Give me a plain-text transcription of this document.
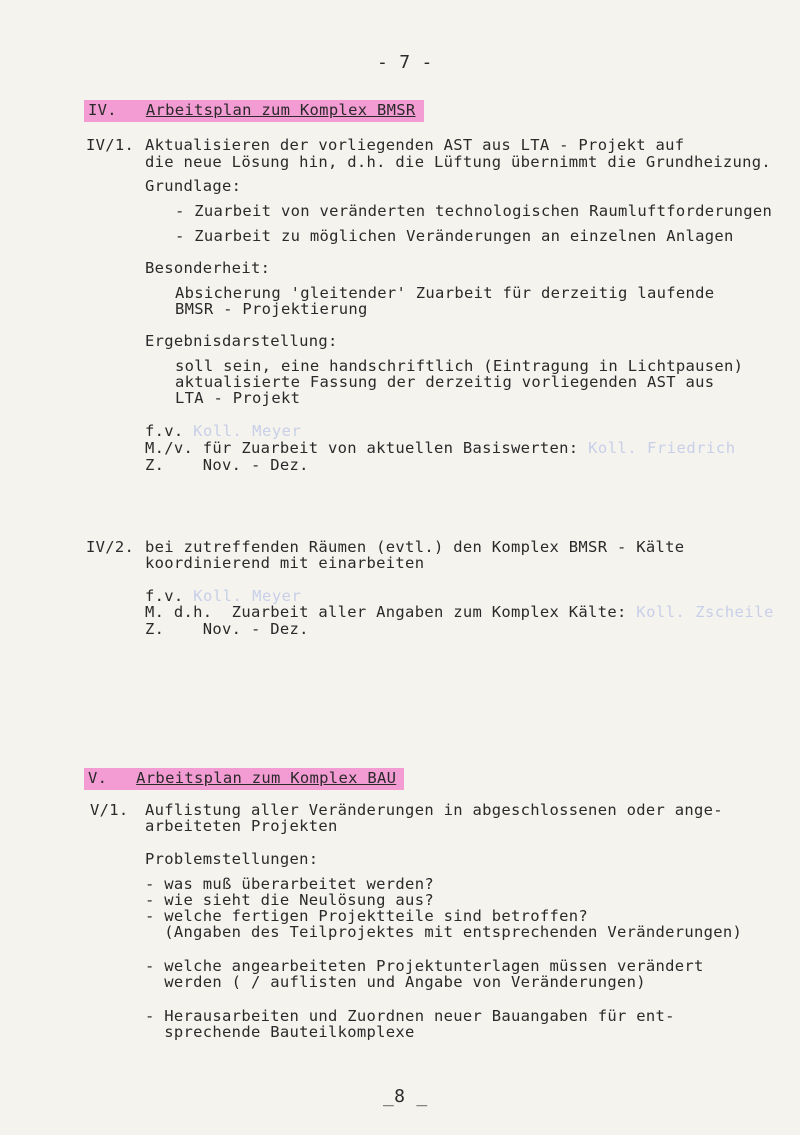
- 7 -
IV. Arbeitsplan zum Komplex BMSR
IV/1. Aktualisieren der vorliegenden AST aus LTA - Projekt auf
die neue Lösung hin, d.h. die Lüftung übernimmt die Grundheizung.
Grundlage:
- Zuarbeit von veränderten technologischen Raumluftforderungen
- Zuarbeit zu möglichen Veränderungen an einzelnen Anlagen
Besonderheit:
Absicherung 'gleitender' Zuarbeit für derzeitig laufende
BMSR - Projektierung
Ergebnisdarstellung:
soll sein, eine handschriftlich (Eintragung in Lichtpausen)
aktualisierte Fassung der derzeitig vorliegenden AST aus
LTA - Projekt
f.v. Koll. Meyer
M./v. für Zuarbeit von aktuellen Basiswerten: Koll. Friedrich
Z.    Nov. - Dez.
IV/2. bei zutreffenden Räumen (evtl.) den Komplex BMSR - Kälte
koordinierend mit einarbeiten
f.v. Koll. Meyer
M. d.h.  Zuarbeit aller Angaben zum Komplex Kälte: Koll. Zscheile
Z.    Nov. - Dez.
V. Arbeitsplan zum Komplex BAU
V/1. Auflistung aller Veränderungen in abgeschlossenen oder ange-
arbeiteten Projekten
Problemstellungen:
- was muß überarbeitet werden?
- wie sieht die Neulösung aus?
- welche fertigen Projektteile sind betroffen?
(Angaben des Teilprojektes mit entsprechenden Veränderungen)
- welche angearbeiteten Projektunterlagen müssen verändert
werden ( / auflisten und Angabe von Veränderungen)
- Herausarbeiten und Zuordnen neuer Bauangaben für ent-
sprechende Bauteilkomplexe
_8 _
